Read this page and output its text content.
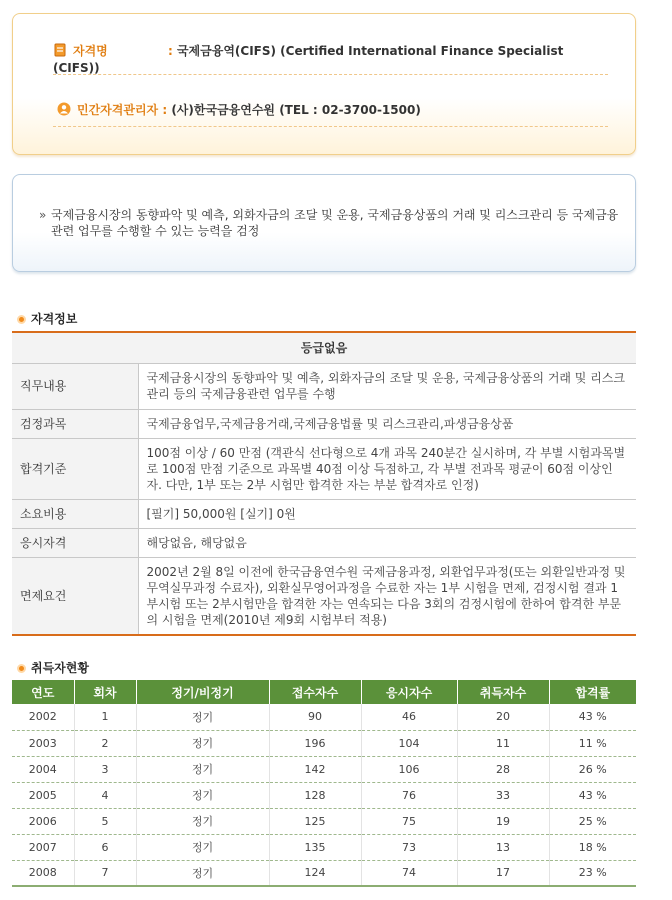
자격명	: 국제금융역(CIFS) (Certified International Finance Specialist (CIFS))
민간자격관리자 : (사)한국금융연수원 (TEL : 02-3700-1500)
» 국제금융시장의 동향파악 및 예측, 외화자금의 조달 및 운용, 국제금융상품의 거래 및 리스크관리 등 국제금융관련 업무를 수행할 수 있는 능력을 검정
자격정보
등급없음	
직무내용	국제금융시장의 동향파악 및 예측, 외화자금의 조달 및 운용, 국제금융상품의 거래 및 리스크관리 등의 국제금융관련 업무를 수행
검정과목	국제금융업무,국제금융거래,국제금융법률 및 리스크관리,파생금융상품
합격기준	100점 이상 / 60 만점 (객관식 선다형으로 4개 과목 240분간 실시하며, 각 부별 시험과목별로 100점 만점 기준으로 과목별 40점 이상 득점하고, 각 부별 전과목 평균이 60점 이상인 자. 다만, 1부 또는 2부 시험만 합격한 자는 부분 합격자로 인정)
소요비용	[필기] 50,000원 [실기] 0원
응시자격	해당없음, 해당없음
면제요건	2002년 2월 8일 이전에 한국금융연수원 국제금융과정, 외환업무과정(또는 외환일반과정 및 무역실무과정 수료자), 외환실무영어과정을 수료한 자는 1부 시험을 면제, 검정시험 결과 1부시험 또는 2부시험만을 합격한 자는 연속되는 다음 3회의 검정시험에 한하여 합격한 부문의 시험을 면제(2010년 제9회 시험부터 적용)
취득자현황
연도	회차	정기/비정기	접수자수	응시자수	취득자수	합격률
2002	1	정기	90	46	20	43 %
2003	2	정기	196	104	11	11 %
2004	3	정기	142	106	28	26 %
2005	4	정기	128	76	33	43 %
2006	5	정기	125	75	19	25 %
2007	6	정기	135	73	13	18 %
2008	7	정기	124	74	17	23 %
